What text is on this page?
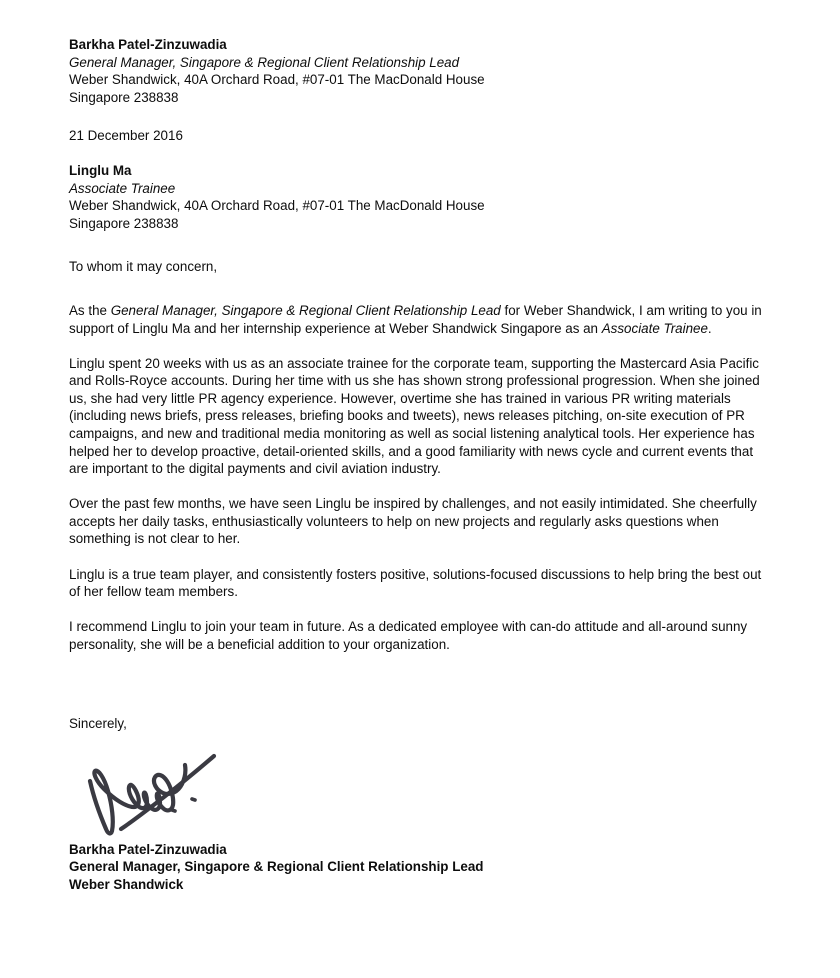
Barkha Patel-Zinzuwadia
General Manager, Singapore & Regional Client Relationship Lead
Weber Shandwick, 40A Orchard Road, #07-01 The MacDonald House
Singapore 238838
21 December 2016
Linglu Ma
Associate Trainee
Weber Shandwick, 40A Orchard Road, #07-01 The MacDonald House
Singapore 238838
To whom it may concern,

As the General Manager, Singapore & Regional Client Relationship Lead for Weber Shandwick, I am writing to you in support of Linglu Ma and her internship experience at Weber Shandwick Singapore as an Associate Trainee.

Linglu spent 20 weeks with us as an associate trainee for the corporate team, supporting the Mastercard Asia Pacific and Rolls-Royce accounts. During her time with us she has shown strong professional progression. When she joined us, she had very little PR agency experience. However, overtime she has trained in various PR writing materials (including news briefs, press releases, briefing books and tweets), news releases pitching, on-site execution of PR campaigns, and new and traditional media monitoring as well as social listening analytical tools. Her experience has helped her to develop proactive, detail-oriented skills, and a good familiarity with news cycle and current events that are important to the digital payments and civil aviation industry.

Over the past few months, we have seen Linglu be inspired by challenges, and not easily intimidated. She cheerfully accepts her daily tasks, enthusiastically volunteers to help on new projects and regularly asks questions when something is not clear to her.

Linglu is a true team player, and consistently fosters positive, solutions-focused discussions to help bring the best out of her fellow team members.

I recommend Linglu to join your team in future. As a dedicated employee with can-do attitude and all-around sunny personality, she will be a beneficial addition to your organization.

Sincerely,
Barkha Patel-Zinzuwadia
General Manager, Singapore & Regional Client Relationship Lead
Weber Shandwick
